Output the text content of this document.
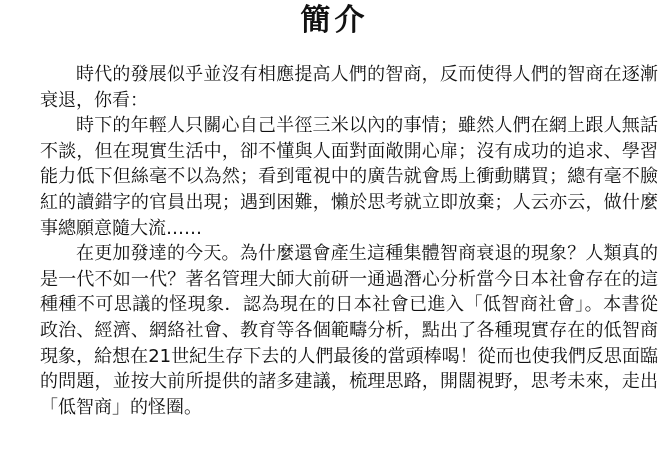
簡介

時代的發展似乎並沒有相應提高人們的智商，反而使得人們的智商在逐漸衰退，你看：

時下的年輕人只關心自己半徑三米以內的事情；雖然人們在網上跟人無話不談，但在現實生活中，卻不懂與人面對面敞開心扉；沒有成功的追求、學習能力低下但絲毫不以為然；看到電視中的廣告就會馬上衝動購買；總有毫不臉紅的讀錯字的官員出現；遇到困難，懶於思考就立即放棄；人云亦云，做什麼事總願意隨大流……

在更加發達的今天。為什麼還會產生這種集體智商衰退的現象？人類真的是一代不如一代？著名管理大師大前研一通過潛心分析當今日本社會存在的這種種不可思議的怪現象．認為現在的日本社會已進入「低智商社會」。本書從政治、經濟、網絡社會、教育等各個範疇分析，點出了各種現實存在的低智商現象，給想在21世紀生存下去的人們最後的當頭棒喝！從而也使我們反思面臨的問題，並按大前所提供的諸多建議，梳理思路，開闊視野，思考未來，走出「低智商」的怪圈。
